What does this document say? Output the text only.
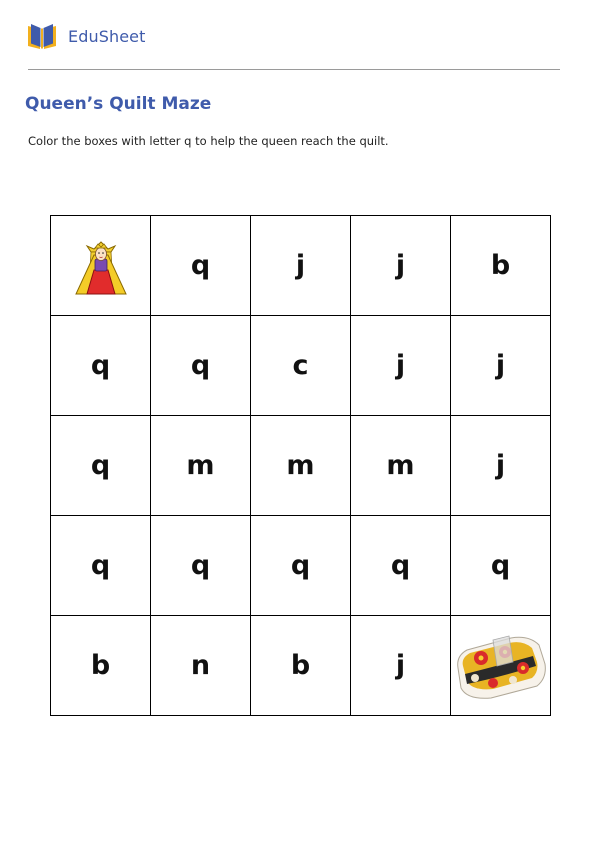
EduSheet
Queen’s Quilt Maze

Color the boxes with letter q to help the queen reach the quilt.

	q	j	j	b
q	q	c	j	j
q	m	m	m	j
q	q	q	q	q
b	n	b	j	
